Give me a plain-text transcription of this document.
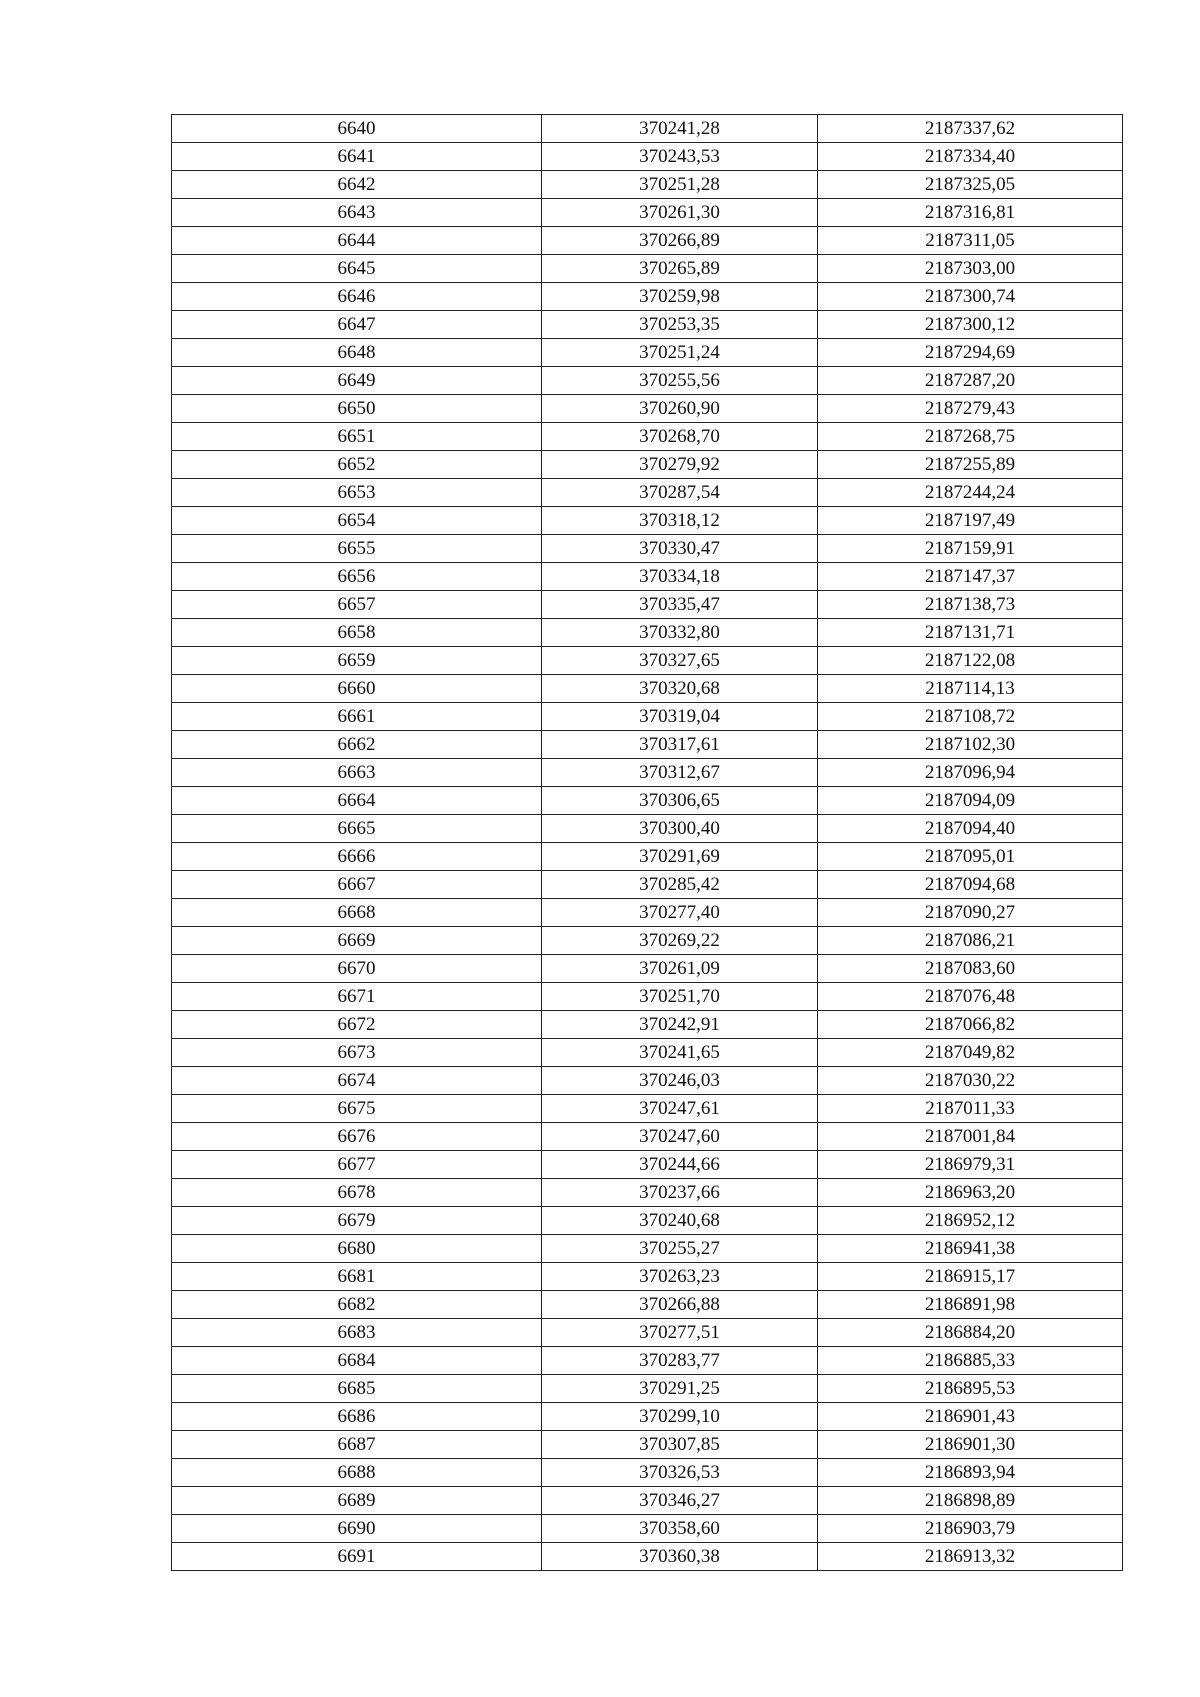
6640	370241,28	2187337,62
6641	370243,53	2187334,40
6642	370251,28	2187325,05
6643	370261,30	2187316,81
6644	370266,89	2187311,05
6645	370265,89	2187303,00
6646	370259,98	2187300,74
6647	370253,35	2187300,12
6648	370251,24	2187294,69
6649	370255,56	2187287,20
6650	370260,90	2187279,43
6651	370268,70	2187268,75
6652	370279,92	2187255,89
6653	370287,54	2187244,24
6654	370318,12	2187197,49
6655	370330,47	2187159,91
6656	370334,18	2187147,37
6657	370335,47	2187138,73
6658	370332,80	2187131,71
6659	370327,65	2187122,08
6660	370320,68	2187114,13
6661	370319,04	2187108,72
6662	370317,61	2187102,30
6663	370312,67	2187096,94
6664	370306,65	2187094,09
6665	370300,40	2187094,40
6666	370291,69	2187095,01
6667	370285,42	2187094,68
6668	370277,40	2187090,27
6669	370269,22	2187086,21
6670	370261,09	2187083,60
6671	370251,70	2187076,48
6672	370242,91	2187066,82
6673	370241,65	2187049,82
6674	370246,03	2187030,22
6675	370247,61	2187011,33
6676	370247,60	2187001,84
6677	370244,66	2186979,31
6678	370237,66	2186963,20
6679	370240,68	2186952,12
6680	370255,27	2186941,38
6681	370263,23	2186915,17
6682	370266,88	2186891,98
6683	370277,51	2186884,20
6684	370283,77	2186885,33
6685	370291,25	2186895,53
6686	370299,10	2186901,43
6687	370307,85	2186901,30
6688	370326,53	2186893,94
6689	370346,27	2186898,89
6690	370358,60	2186903,79
6691	370360,38	2186913,32
